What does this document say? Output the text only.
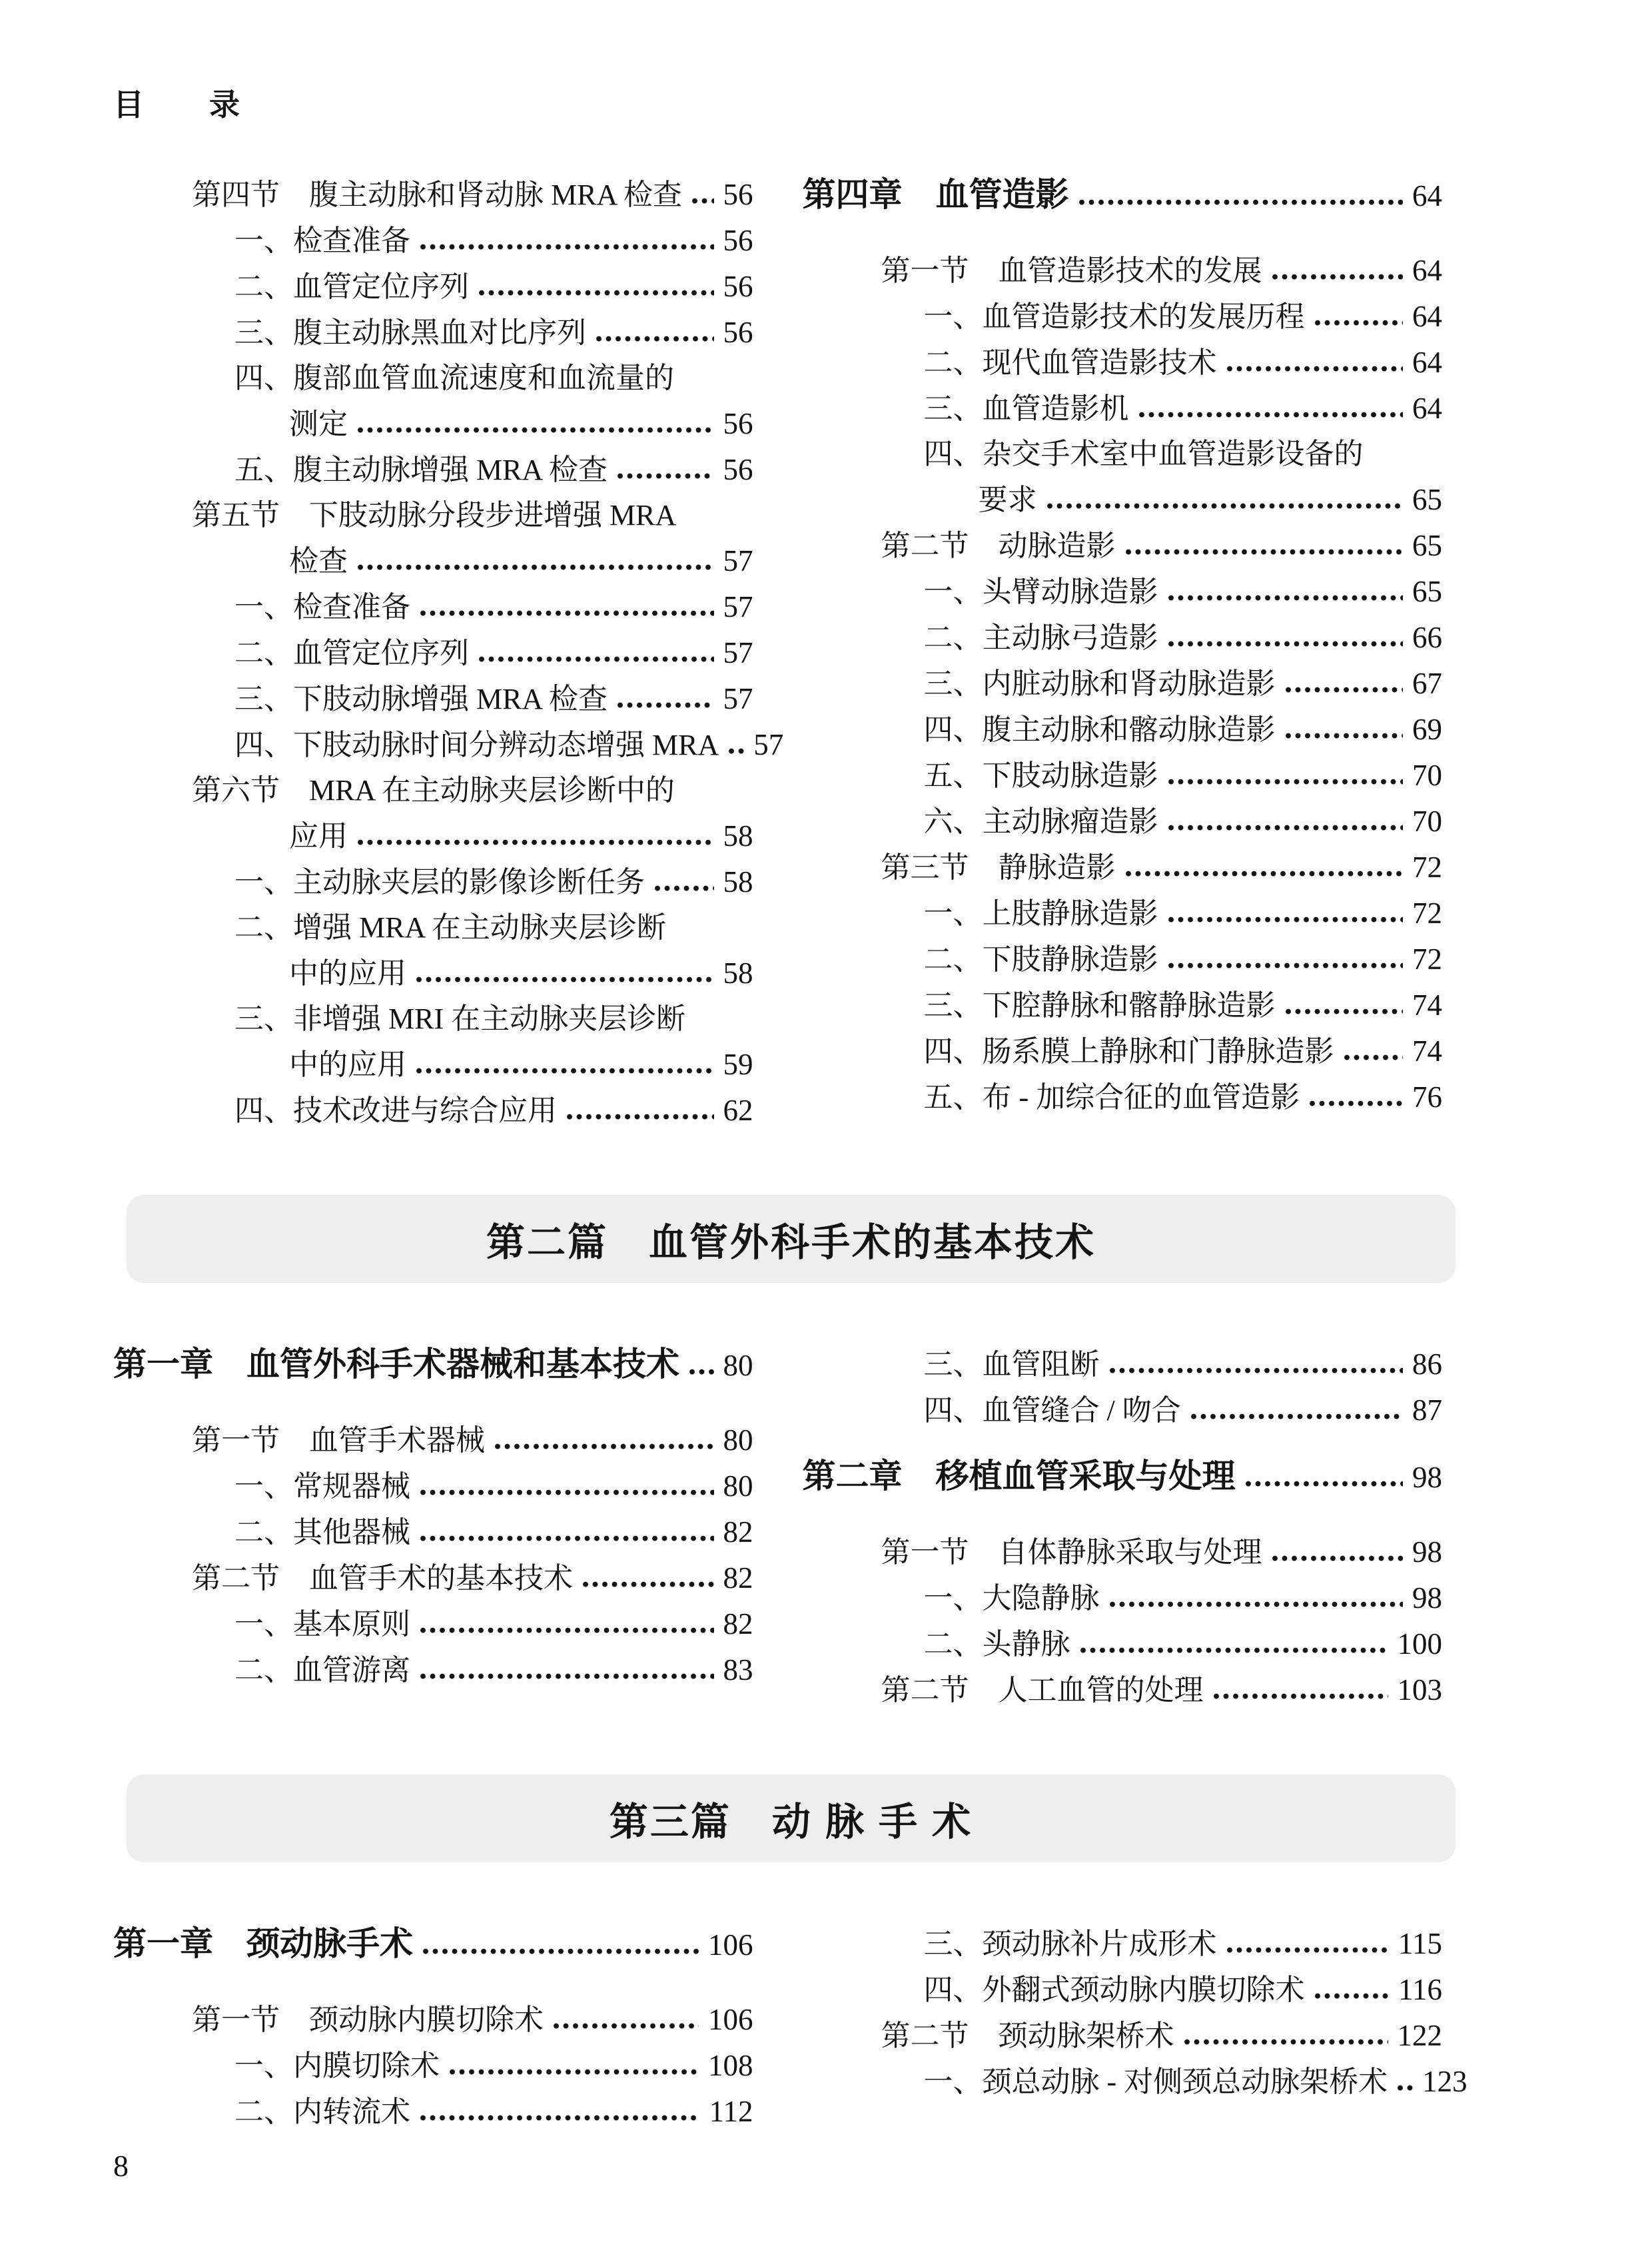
目　　录
第四节　腹主动脉和肾动脉 MRA 检查 56
一、检查准备	56
二、血管定位序列	56
三、腹主动脉黑血对比序列	56
四、腹部血管血流速度和血流量的
测定	56
五、腹主动脉增强 MRA 检查	56
第五节　下肢动脉分段步进增强 MRA
检查	57
一、检查准备	57
二、血管定位序列	57
三、下肢动脉增强 MRA 检查	57
四、下肢动脉时间分辨动态增强 MRA 57
第六节　MRA 在主动脉夹层诊断中的
应用	58
一、主动脉夹层的影像诊断任务	58
二、增强 MRA 在主动脉夹层诊断
中的应用	58
三、非增强 MRI 在主动脉夹层诊断
中的应用	59
四、技术改进与综合应用	62
第四章　血管造影	64
第一节　血管造影技术的发展	64
一、血管造影技术的发展历程	64
二、现代血管造影技术	64
三、血管造影机	64
四、杂交手术室中血管造影设备的
要求	65
第二节　动脉造影	65
一、头臂动脉造影	65
二、主动脉弓造影	66
三、内脏动脉和肾动脉造影	67
四、腹主动脉和髂动脉造影	69
五、下肢动脉造影	70
六、主动脉瘤造影	70
第三节　静脉造影	72
一、上肢静脉造影	72
二、下肢静脉造影	72
三、下腔静脉和髂静脉造影	74
四、肠系膜上静脉和门静脉造影	74
五、布 - 加综合征的血管造影	76
第二篇　血管外科手术的基本技术
第一章　血管外科手术器械和基本技术 80
第一节　血管手术器械	80
一、常规器械	80
二、其他器械	82
第二节　血管手术的基本技术	82
一、基本原则	82
二、血管游离	83
三、血管阻断	86
四、血管缝合 / 吻合	87
第二章　移植血管采取与处理	98
第一节　自体静脉采取与处理	98
一、大隐静脉	98
二、头静脉	100
第二节　人工血管的处理	103
第三篇　动 脉 手 术
第一章　颈动脉手术	106
第一节　颈动脉内膜切除术	106
一、内膜切除术	108
二、内转流术	112
三、颈动脉补片成形术	115
四、外翻式颈动脉内膜切除术	116
第二节　颈动脉架桥术	122
一、颈总动脉 - 对侧颈总动脉架桥术 123
8
